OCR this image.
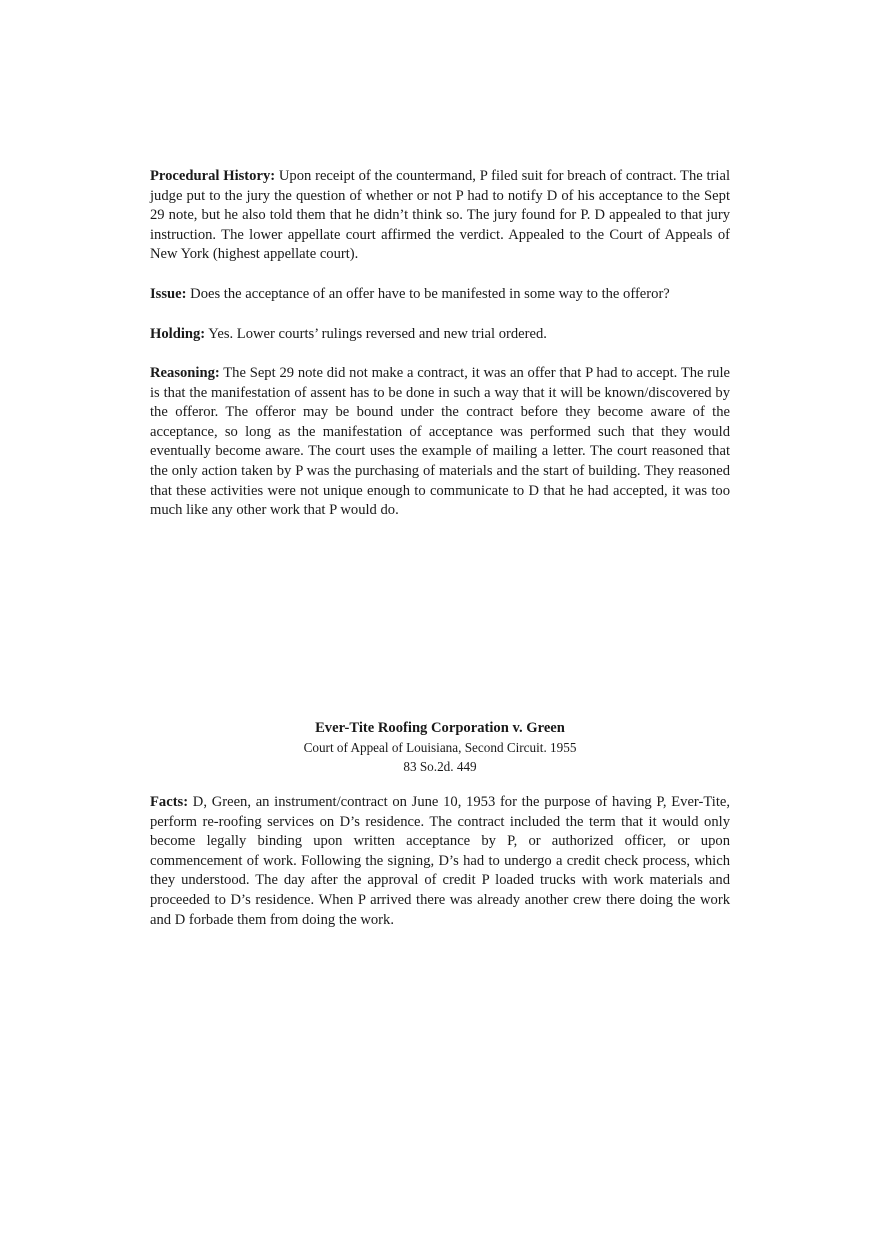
Procedural History: Upon receipt of the countermand, P filed suit for breach of contract. The trial judge put to the jury the question of whether or not P had to notify D of his acceptance to the Sept 29 note, but he also told them that he didn’t think so. The jury found for P. D appealed to that jury instruction. The lower appellate court affirmed the verdict. Appealed to the Court of Appeals of New York (highest appellate court).

Issue: Does the acceptance of an offer have to be manifested in some way to the offeror?

Holding: Yes. Lower courts’ rulings reversed and new trial ordered.

Reasoning: The Sept 29 note did not make a contract, it was an offer that P had to accept. The rule is that the manifestation of assent has to be done in such a way that it will be known/discovered by the offeror. The offeror may be bound under the contract before they become aware of the acceptance, so long as the manifestation of acceptance was performed such that they would eventually become aware. The court uses the example of mailing a letter. The court reasoned that the only action taken by P was the purchasing of materials and the start of building. They reasoned that these activities were not unique enough to communicate to D that he had accepted, it was too much like any other work that P would do.

Ever-Tite Roofing Corporation v. Green
Court of Appeal of Louisiana, Second Circuit. 1955
83 So.2d. 449

Facts: D, Green, an instrument/contract on June 10, 1953 for the purpose of having P, Ever-Tite, perform re-roofing services on D’s residence. The contract included the term that it would only become legally binding upon written acceptance by P, or authorized officer, or upon commencement of work. Following the signing, D’s had to undergo a credit check process, which they understood. The day after the approval of credit P loaded trucks with work materials and proceeded to D’s residence. When P arrived there was already another crew there doing the work and D forbade them from doing the work.
